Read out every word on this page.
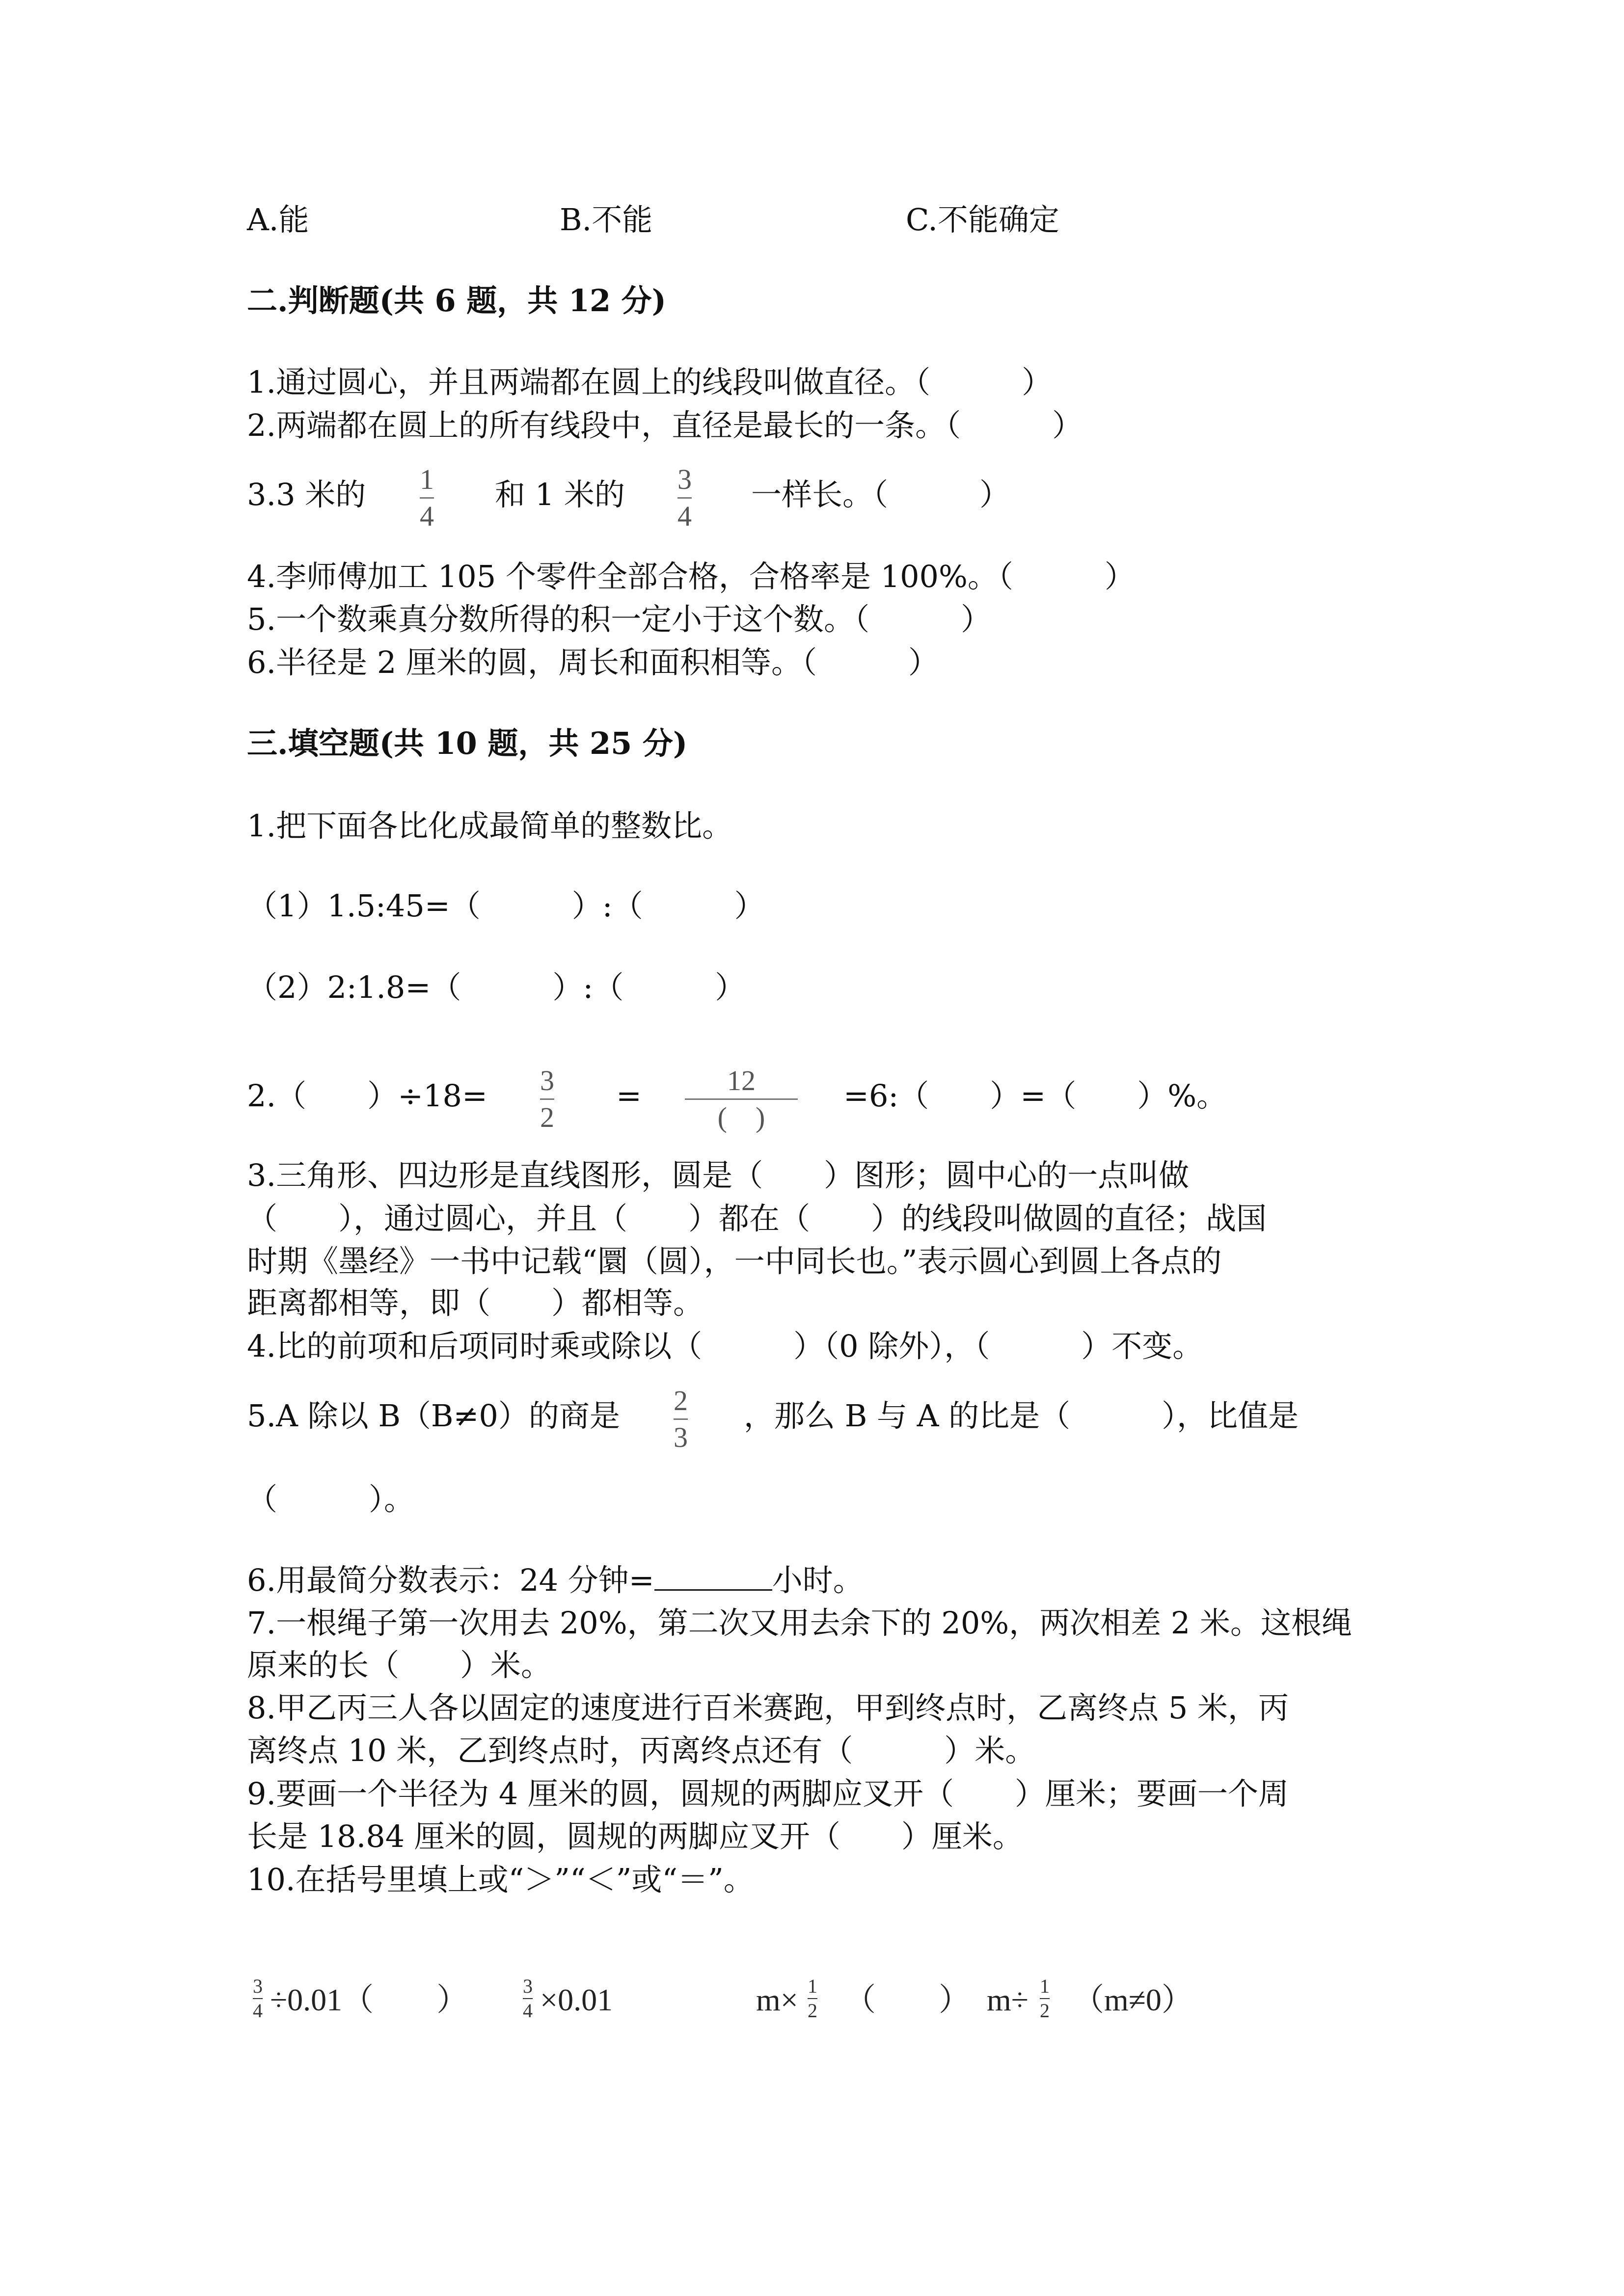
A.能	B.不能	C.不能确定
二.判断题(共 6 题，共 12 分)
1.通过圆心，并且两端都在圆上的线段叫做直径。（　　　）
2.两端都在圆上的所有线段中，直径是最长的一条。（　　　）
3.3 米的 1
4
和 1 米的 3
4
一样长。（　　　）
4.李师傅加工 105 个零件全部合格，合格率是 100%。（　　　）
5.一个数乘真分数所得的积一定小于这个数。（　　　）
6.半径是 2 厘米的圆，周长和面积相等。（　　　）
三.填空题(共 10 题，共 25 分)
1.把下面各比化成最简单的整数比。
（1）1.5:45=（　　　）:（　　　）
（2）2:1.8=（　　　）:（　　　）
2.（　　）÷18= 3
2
=	12
(　)
=6:（　　）=（　　）%。
3.三角形、四边形是直线图形，圆是（　　）图形；圆中心的一点叫做
（　　），通过圆心，并且（　　）都在（　　）的线段叫做圆的直径；战国
时期《墨经》一书中记载“圜（圆），一中同长也。”表示圆心到圆上各点的
距离都相等，即（　　）都相等。
4.比的前项和后项同时乘或除以（　　　）（0 除外），（　　　）不变。
5.A 除以 B（B≠0）的商是 2
3
，那么 B 与 A 的比是（　　　），比值是
（　　　）。
6.用最简分数表示：24 分钟=	小时。
7.一根绳子第一次用去 20%，第二次又用去余下的 20%，两次相差 2 米。这根绳
原来的长（　　）米。
8.甲乙丙三人各以固定的速度进行百米赛跑，甲到终点时，乙离终点 5 米，丙
离终点 10 米，乙到终点时，丙离终点还有（　　　）米。
9.要画一个半径为 4 厘米的圆，圆规的两脚应叉开（　　）厘米；要画一个周
长是 18.84 厘米的圆，圆规的两脚应叉开（　　）厘米。
10.在括号里填上或“＞”“＜”或“＝”。
3
4 ÷0.01（　　）	3
4 ×0.01	m× 1
2 （　　） m÷ 1
2 （m≠0）
